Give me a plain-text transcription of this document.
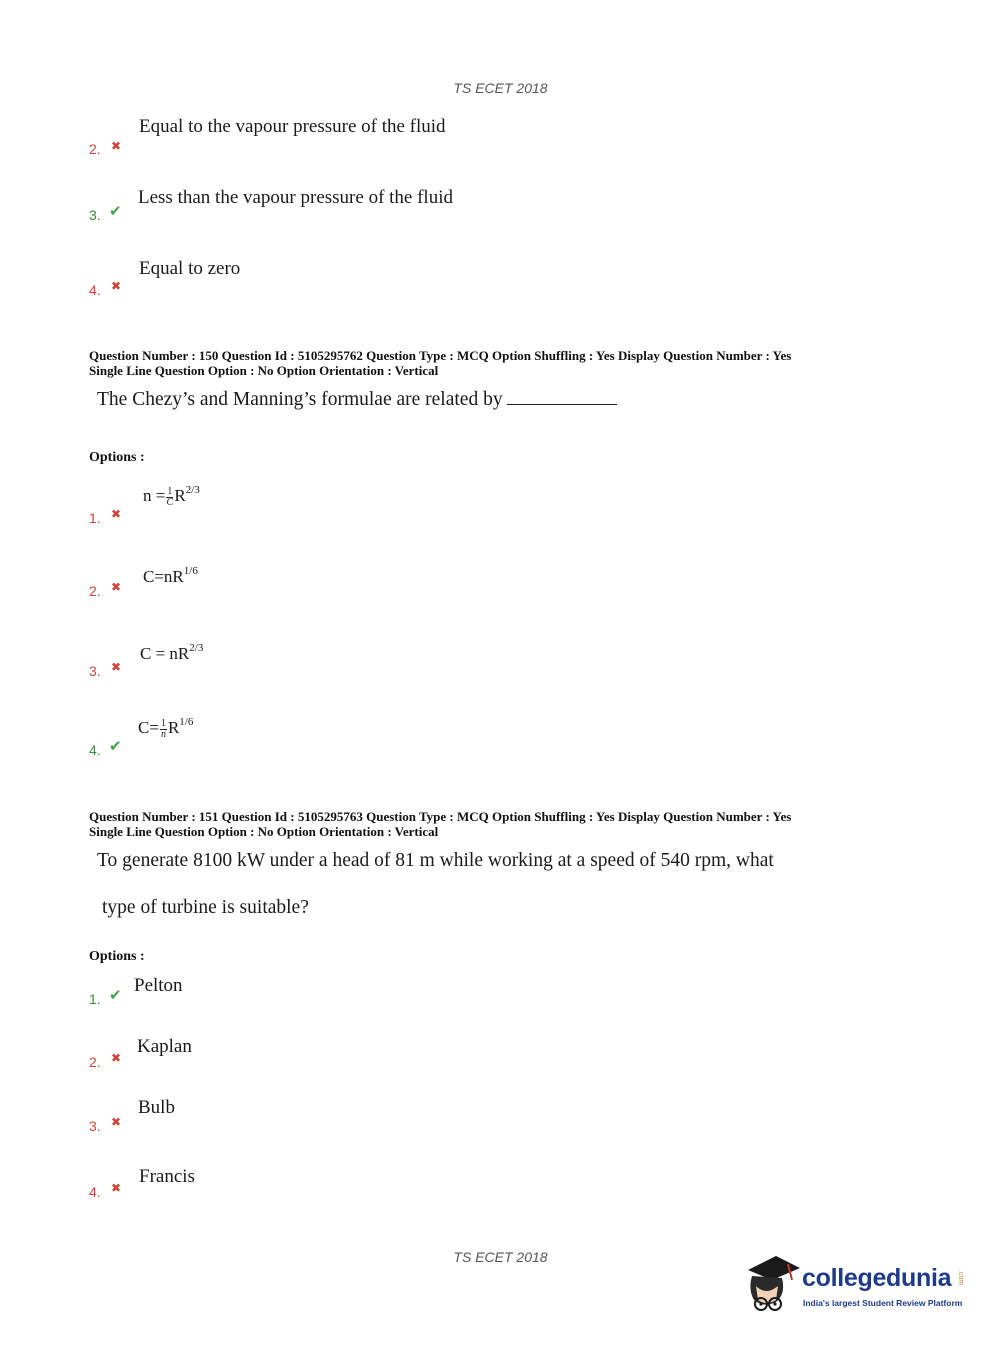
TS ECET 2018
2. ✖
Equal to the vapour pressure of the fluid
3. ✔
Less than the vapour pressure of the fluid
4. ✖
Equal to zero
Question Number : 150 Question Id : 5105295762 Question Type : MCQ Option Shuffling : Yes Display Question Number : Yes
Single Line Question Option : No Option Orientation : Vertical
The Chezy’s and Manning’s formulae are related by
Options :
1. ✖
$n = \frac{1}{C} R^{2/3}$
2. ✖
$C=nR^{1/6}$
3. ✖
$C = nR^{2/3}$
4. ✔
$C= \frac{1}{n} R^{1/6}$
Question Number : 151 Question Id : 5105295763 Question Type : MCQ Option Shuffling : Yes Display Question Number : Yes
Single Line Question Option : No Option Orientation : Vertical
To generate 8100 kW under a head of 81 m while working at a speed of 540 rpm, what
type of turbine is suitable?
Options :
1. ✔ Pelton
2. ✖
Kaplan
3. ✖
Bulb
4. ✖
Francis
TS ECET 2018
collegedunia .com
India's largest Student Review Platform
